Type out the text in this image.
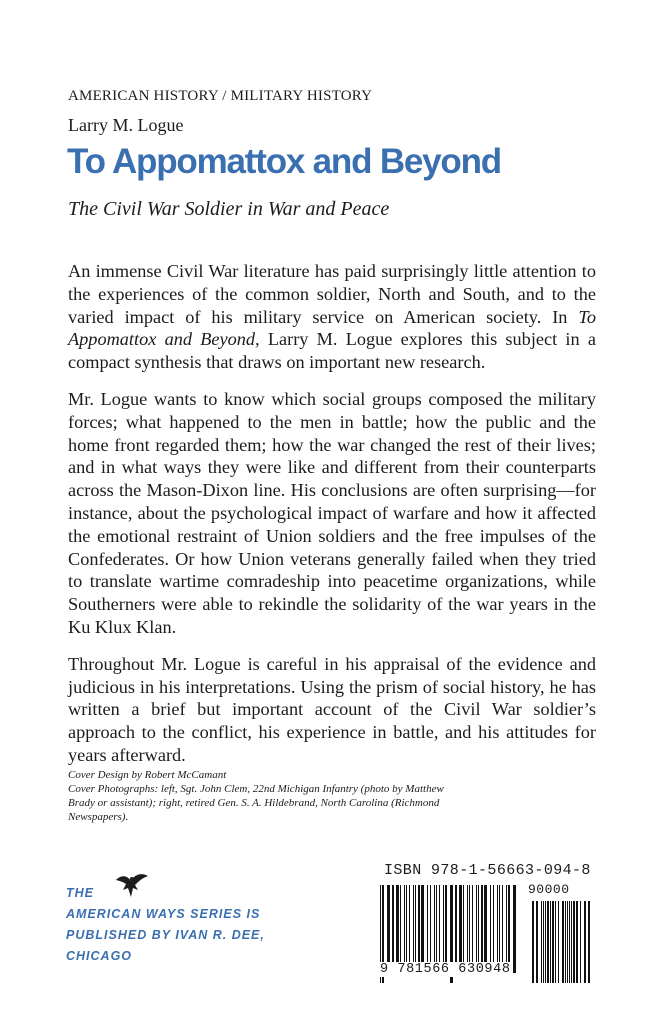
AMERICAN HISTORY / MILITARY HISTORY
Larry M. Logue
To Appomattox and Beyond
The Civil War Soldier in War and Peace

An immense Civil War literature has paid surprisingly little attention to the experiences of the common soldier, North and South, and to the varied impact of his military service on American society. In To Appomattox and Beyond, Larry M. Logue explores this subject in a compact synthesis that draws on important new research.

Mr. Logue wants to know which social groups composed the military forces; what happened to the men in battle; how the public and the home front regarded them; how the war changed the rest of their lives; and in what ways they were like and different from their counterparts across the Mason-Dixon line. His conclusions are often surprising—for instance, about the psychological impact of warfare and how it affected the emotional restraint of Union soldiers and the free impulses of the Confederates. Or how Union veterans generally failed when they tried to translate wartime comradeship into peacetime organizations, while Southerners were able to rekindle the solidarity of the war years in the Ku Klux Klan.

Throughout Mr. Logue is careful in his appraisal of the evidence and judicious in his interpretations. Using the prism of social history, he has written a brief but important account of the Civil War soldier’s approach to the conflict, his experience in battle, and his attitudes for years afterward.

Cover Design by Robert McCamant

Cover Photographs: left, Sgt. John Clem, 22nd Michigan Infantry (photo by Matthew Brady or assistant); right, retired Gen. S. A. Hildebrand, North Carolina (Richmond Newspapers).

THE
AMERICAN WAYS SERIES IS
PUBLISHED BY IVAN R. DEE,
CHICAGO
ISBN 978-1-56663-094-8
90000
9 781566 630948
